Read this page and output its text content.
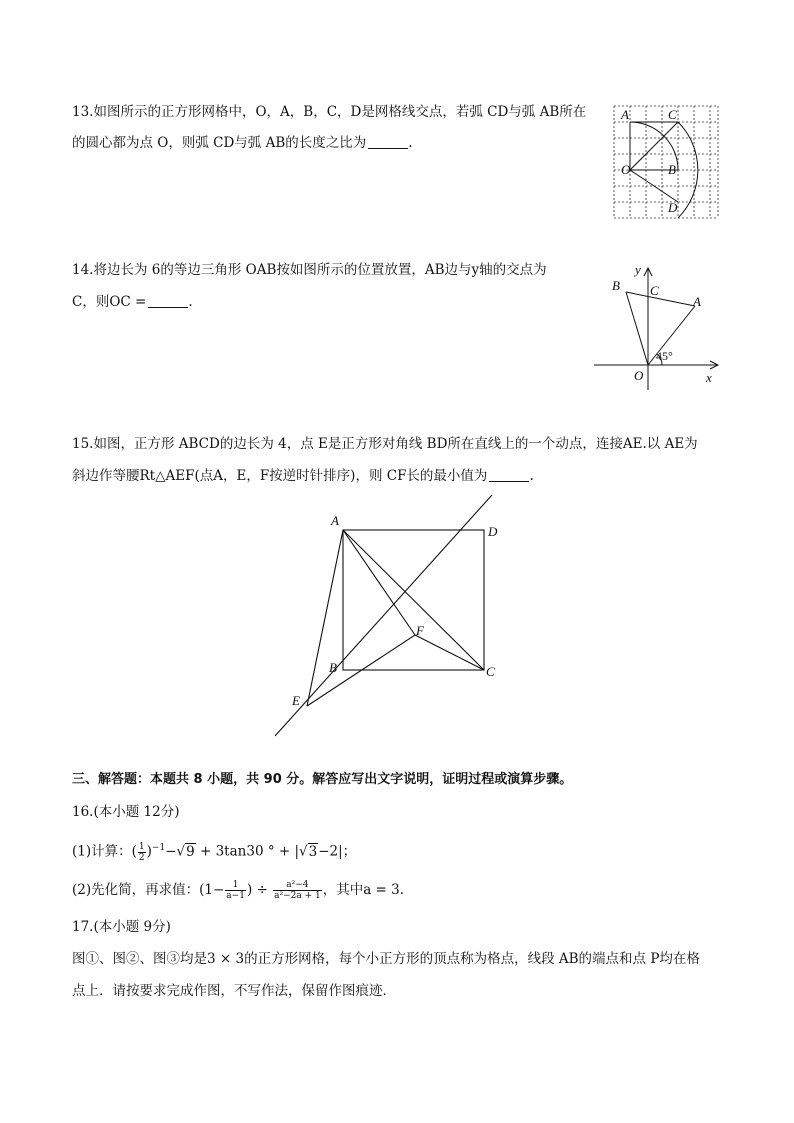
13.如图所示的正方形网格中，O，A，B，C，D是网格线交点，若弧 CD与弧 AB所在
的圆心都为点 O，则弧 CD与弧 AB的长度之比为	.
A	C
O	B
D
14.将边长为 6的等边三角形 OAB按如图所示的位置放置，AB边与y轴的交点为
C，则OC =	.
y
x
B C
A
O
45°
15.如图，正方形 ABCD的边长为 4，点 E是正方形对角线 BD所在直线上的一个动点，连接AE.以 AE为
斜边作等腰Rt△AEF(点A，E，F按逆时针排序)，则 CF长的最小值为	.
A
D
F
B	C
E
三、解答题：本题共 8 小题，共 90 分。解答应写出文字说明，证明过程或演算步骤。
16.(本小题 12分)
(1)计算：( $\frac{1}{2} )^{-1}-√9 + 3\tan 30$ ° + |√3−2|；
(2)先化简，再求值：($1- \frac{1}{a-1}$ ) ÷ $\frac{\text{a²−4}}{\text{a²−2a + 1}}$ ，其中a = 3.
17.(本小题 9分)
图①、图②、图③均是3 × 3的正方形网格，每个小正方形的顶点称为格点，线段 AB的端点和点 P均在格
点上．请按要求完成作图，不写作法，保留作图痕迹．
